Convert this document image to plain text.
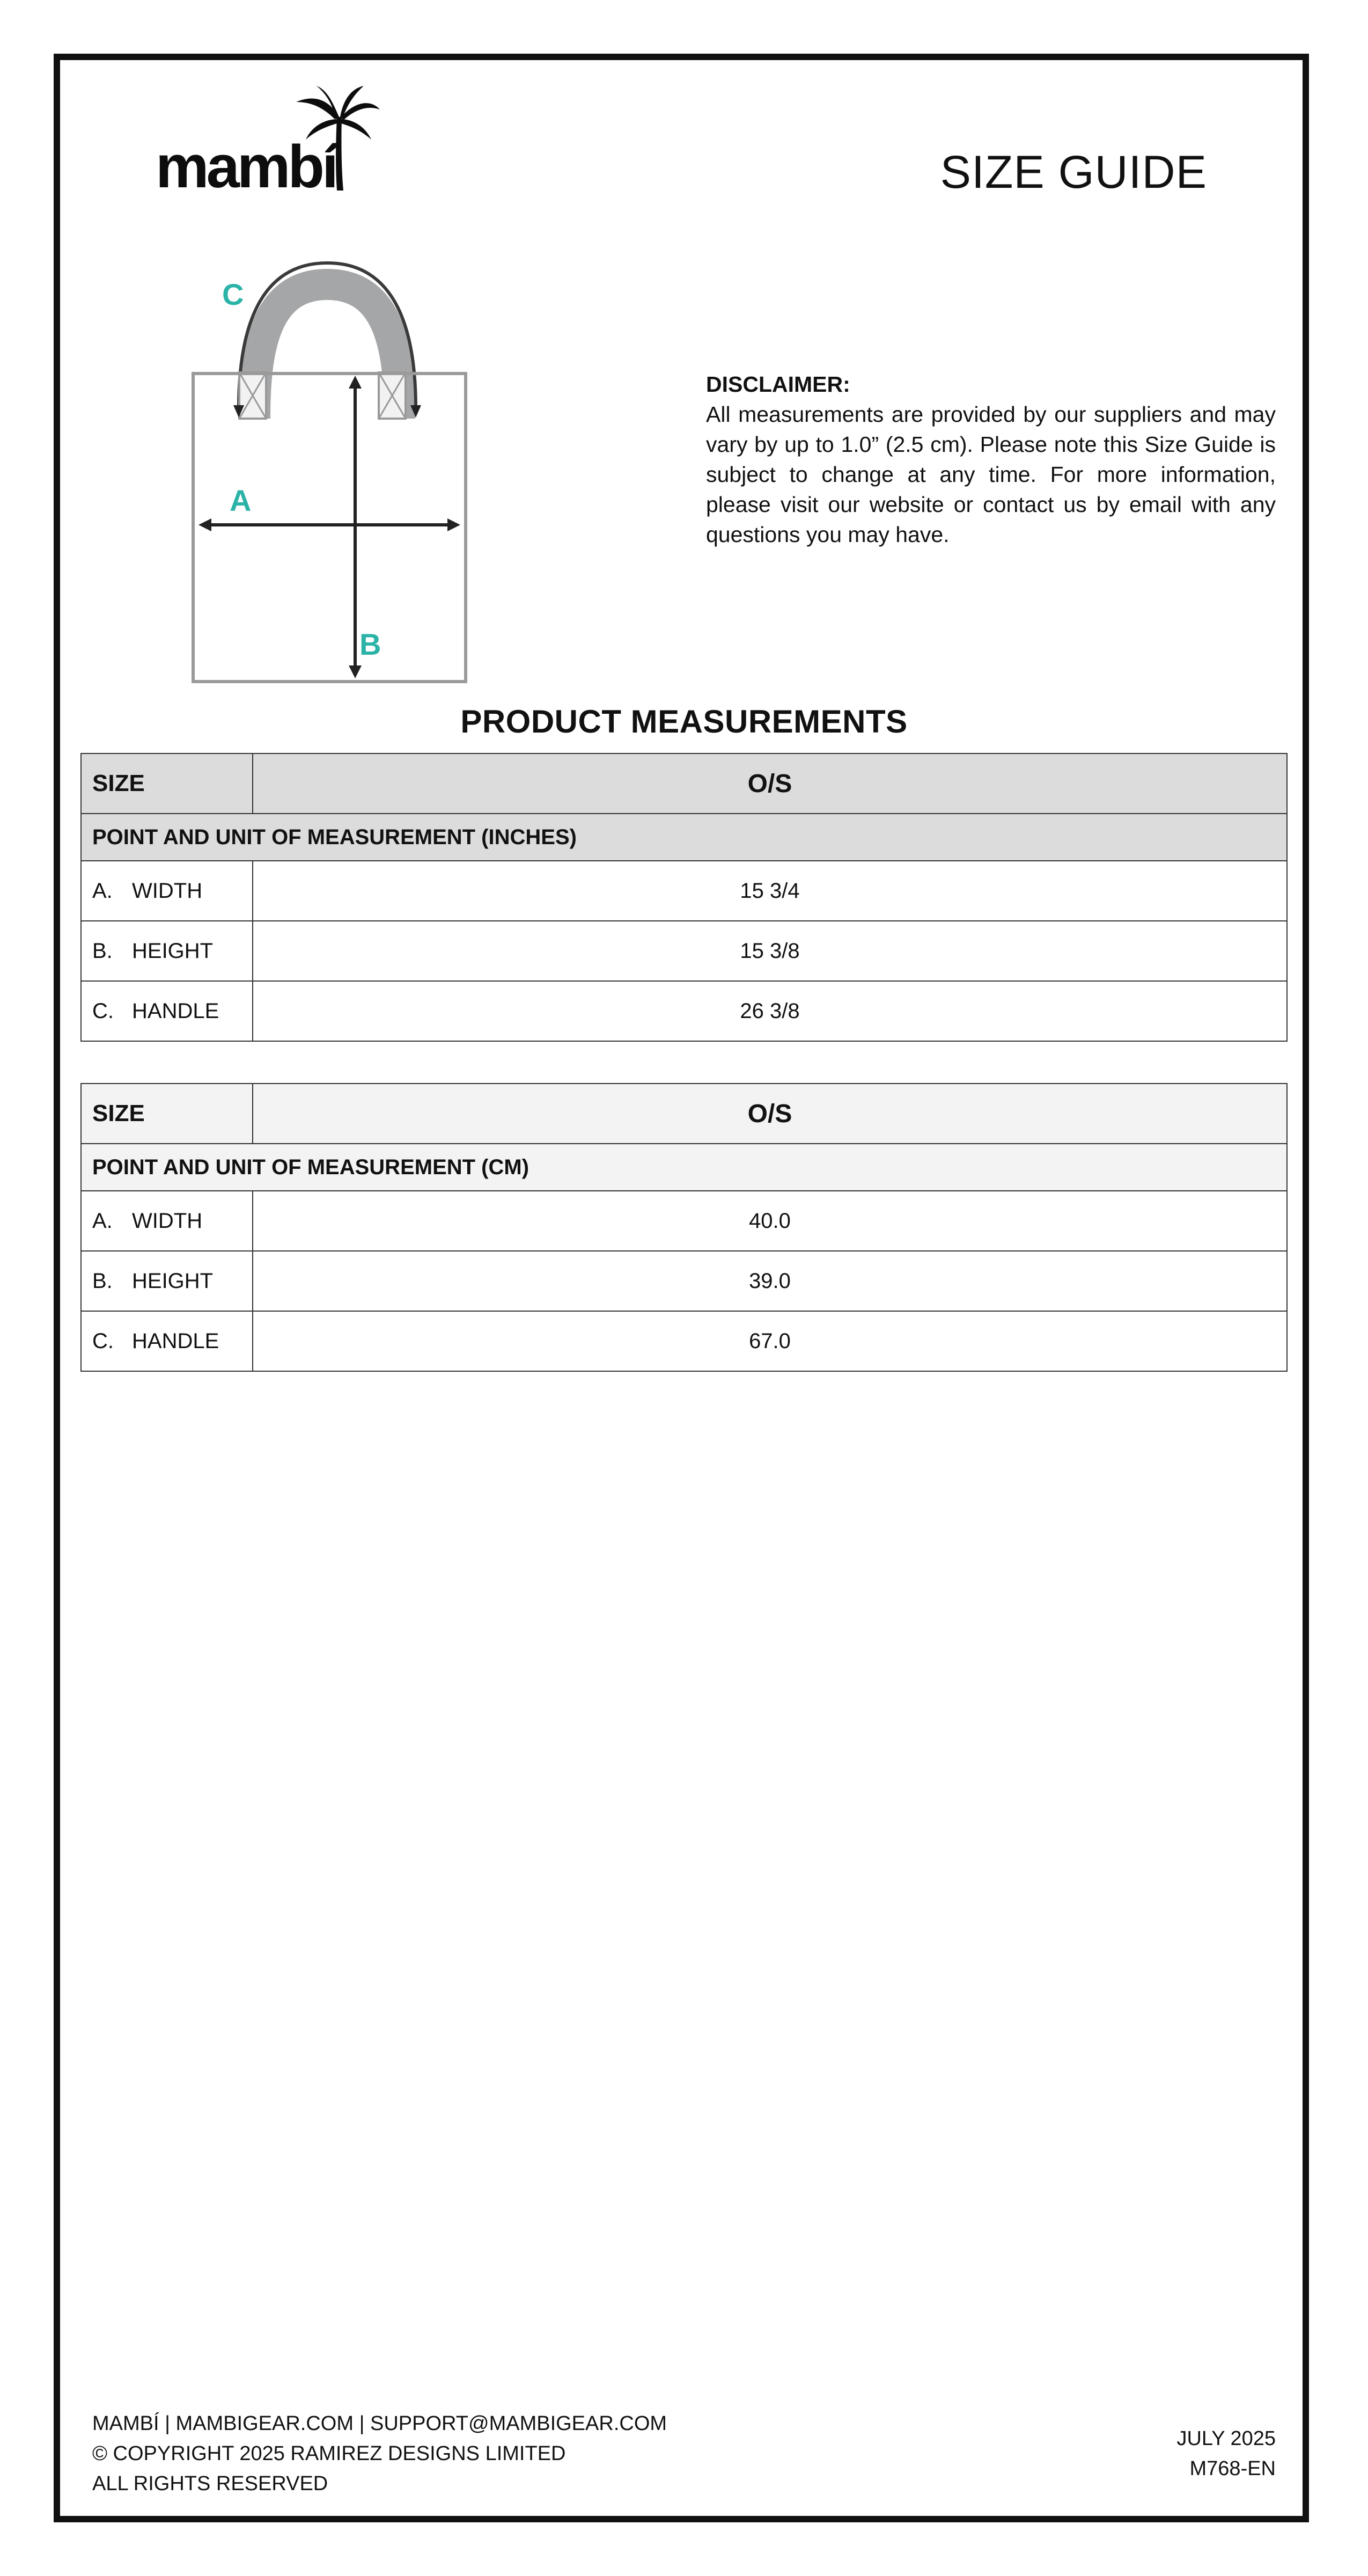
mambí	SIZE GUIDE
C
A
B
DISCLAIMER:
All measurements are provided by our suppliers and may vary by up to 1.0” (2.5 cm). Please note this Size Guide is subject to change at any time. For more information, please visit our website or contact us by email with any questions you may have.
PRODUCT MEASUREMENTS
SIZE	O/S
POINT AND UNIT OF MEASUREMENT (INCHES)	
A. WIDTH	15 3/4
B. HEIGHT	15 3/8
C. HANDLE	26 3/8
SIZE	O/S
POINT AND UNIT OF MEASUREMENT (CM)	
A. WIDTH	40.0
B. HEIGHT	39.0
C. HANDLE	67.0
MAMBÍ | MAMBIGEAR.COM | SUPPORT@MAMBIGEAR.COM
© COPYRIGHT 2025 RAMIREZ DESIGNS LIMITED
ALL RIGHTS RESERVED
JULY 2025
M768-EN
